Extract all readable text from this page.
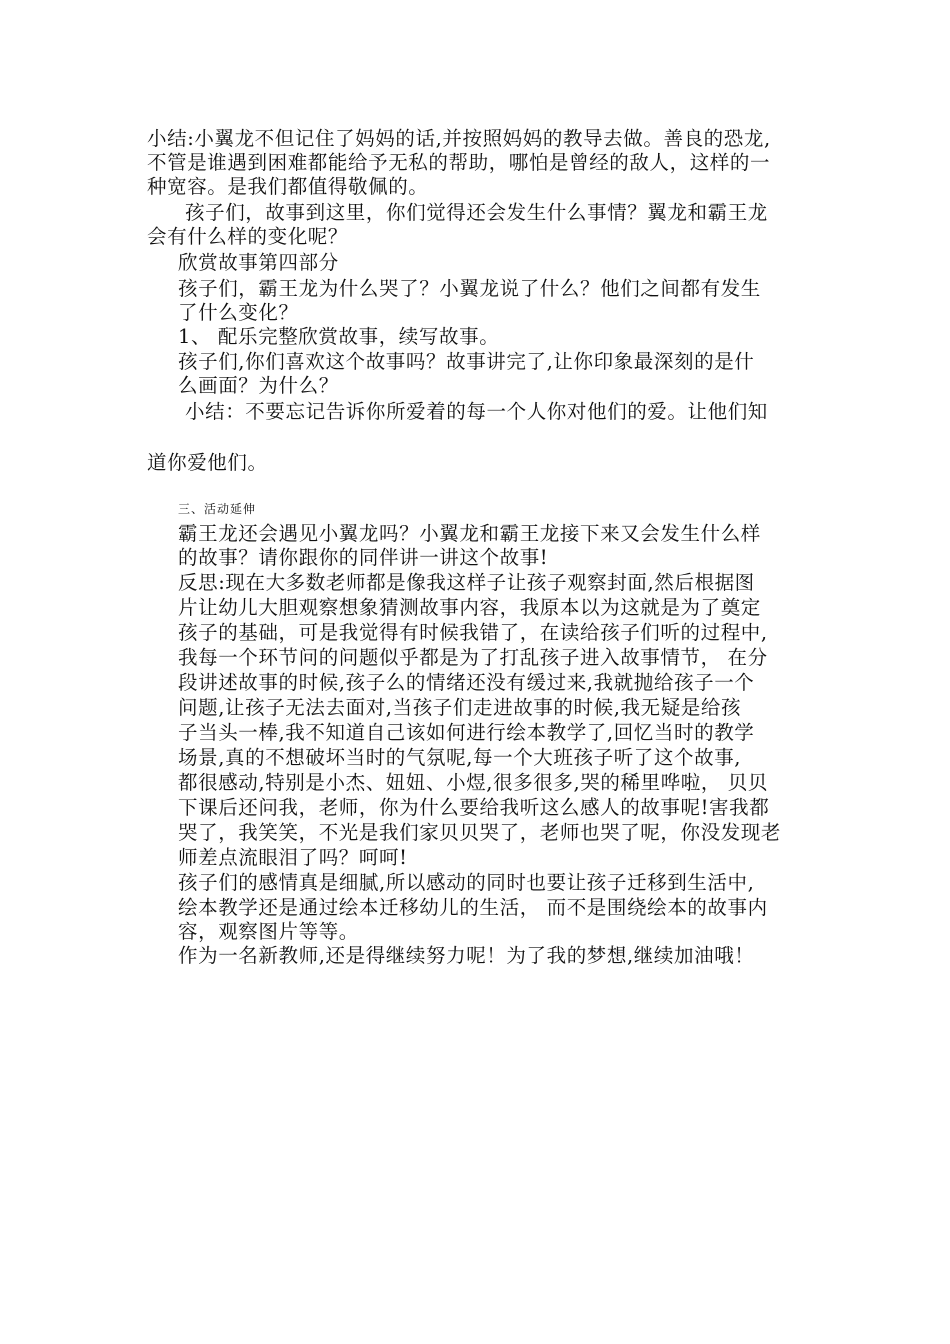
小结:小翼龙不但记住了妈妈的话,并按照妈妈的教导去做。善良的恐龙,

不管是谁遇到困难都能给予无私的帮助，哪怕是曾经的敌人，这样的一

种宽容。是我们都值得敬佩的。

孩子们，故事到这里，你们觉得还会发生什么事情？翼龙和霸王龙

会有什么样的变化呢？

欣赏故事第四部分

孩子们，霸王龙为什么哭了？小翼龙说了什么？他们之间都有发生

了什么变化？

1、 配乐完整欣赏故事，续写故事。

孩子们,你们喜欢这个故事吗？故事讲完了,让你印象最深刻的是什

么画面？为什么？

小结：不要忘记告诉你所爱着的每一个人你对他们的爱。让他们知

道你爱他们。

三、活动延伸

霸王龙还会遇见小翼龙吗？小翼龙和霸王龙接下来又会发生什么样

的故事？请你跟你的同伴讲一讲这个故事!

反思:现在大多数老师都是像我这样子让孩子观察封面,然后根据图

片让幼儿大胆观察想象猜测故事内容，我原本以为这就是为了奠定

孩子的基础，可是我觉得有时候我错了，在读给孩子们听的过程中,

我每一个环节问的问题似乎都是为了打乱孩子进入故事情节， 在分

段讲述故事的时候,孩子么的情绪还没有缓过来,我就抛给孩子一个

问题,让孩子无法去面对,当孩子们走进故事的时候,我无疑是给孩

子当头一棒,我不知道自己该如何进行绘本教学了,回忆当时的教学

场景,真的不想破坏当时的气氛呢,每一个大班孩子听了这个故事,

都很感动,特别是小杰、妞妞、小煜,很多很多,哭的稀里哗啦， 贝贝

下课后还问我，老师，你为什么要给我听这么感人的故事呢!害我都

哭了，我笑笑，不光是我们家贝贝哭了，老师也哭了呢，你没发现老

师差点流眼泪了吗？呵呵!

孩子们的感情真是细腻,所以感动的同时也要让孩子迁移到生活中,

绘本教学还是通过绘本迁移幼儿的生活， 而不是围绕绘本的故事内

容，观察图片等等。

作为一名新教师,还是得继续努力呢！为了我的梦想,继续加油哦！
